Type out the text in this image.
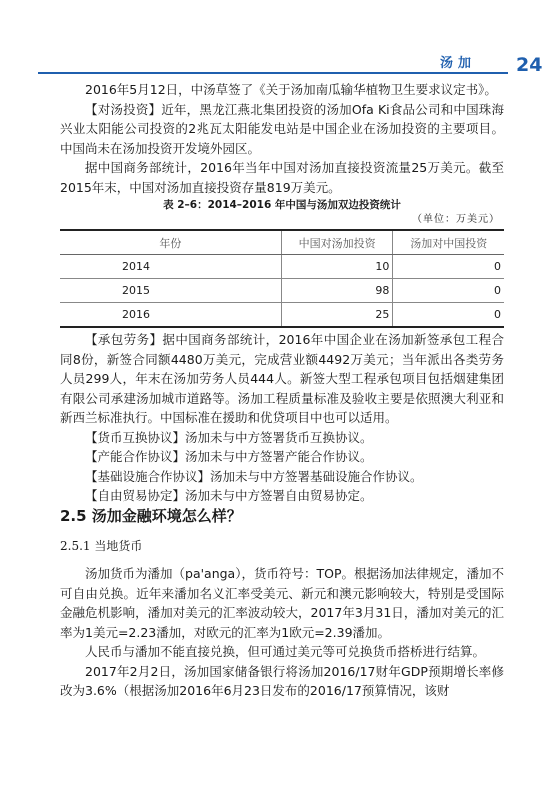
汤加 24

2016年5月12日，中汤草签了《关于汤加南瓜输华植物卫生要求议定书》。

【对汤投资】近年，黑龙江燕北集团投资的汤加Ofa Ki食品公司和中国珠海兴业太阳能公司投资的2兆瓦太阳能发电站是中国企业在汤加投资的主要项目。中国尚未在汤加投资开发境外园区。

据中国商务部统计，2016年当年中国对汤加直接投资流量25万美元。截至2015年末，中国对汤加直接投资存量819万美元。

表 2–6：2014–2016 年中国与汤加双边投资统计
（单位：万美元）
年份	中国对汤加投资	汤加对中国投资
2014	10	0
2015	98	0
2016	25	0

【承包劳务】据中国商务部统计，2016年中国企业在汤加新签承包工程合同8份，新签合同额4480万美元，完成营业额4492万美元；当年派出各类劳务人员299人，年末在汤加劳务人员444人。新签大型工程承包项目包括烟建集团有限公司承建汤加城市道路等。汤加工程质量标准及验收主要是依照澳大利亚和新西兰标准执行。中国标准在援助和优贷项目中也可以适用。

【货币互换协议】汤加未与中方签署货币互换协议。

【产能合作协议】汤加未与中方签署产能合作协议。

【基础设施合作协议】汤加未与中方签署基础设施合作协议。

【自由贸易协定】汤加未与中方签署自由贸易协定。

2.5 汤加金融环境怎么样？
2.5.1 当地货币

汤加货币为潘加（pa'anga），货币符号：TOP。根据汤加法律规定，潘加不可自由兑换。近年来潘加名义汇率受美元、新元和澳元影响较大，特别是受国际金融危机影响，潘加对美元的汇率波动较大，2017年3月31日，潘加对美元的汇率为1美元=2.23潘加，对欧元的汇率为1欧元=2.39潘加。

人民币与潘加不能直接兑换，但可通过美元等可兑换货币搭桥进行结算。

2017年2月2日，汤加国家储备银行将汤加2016/17财年GDP预期增长率修改为3.6%（根据汤加2016年6月23日发布的2016/17预算情况，该财
